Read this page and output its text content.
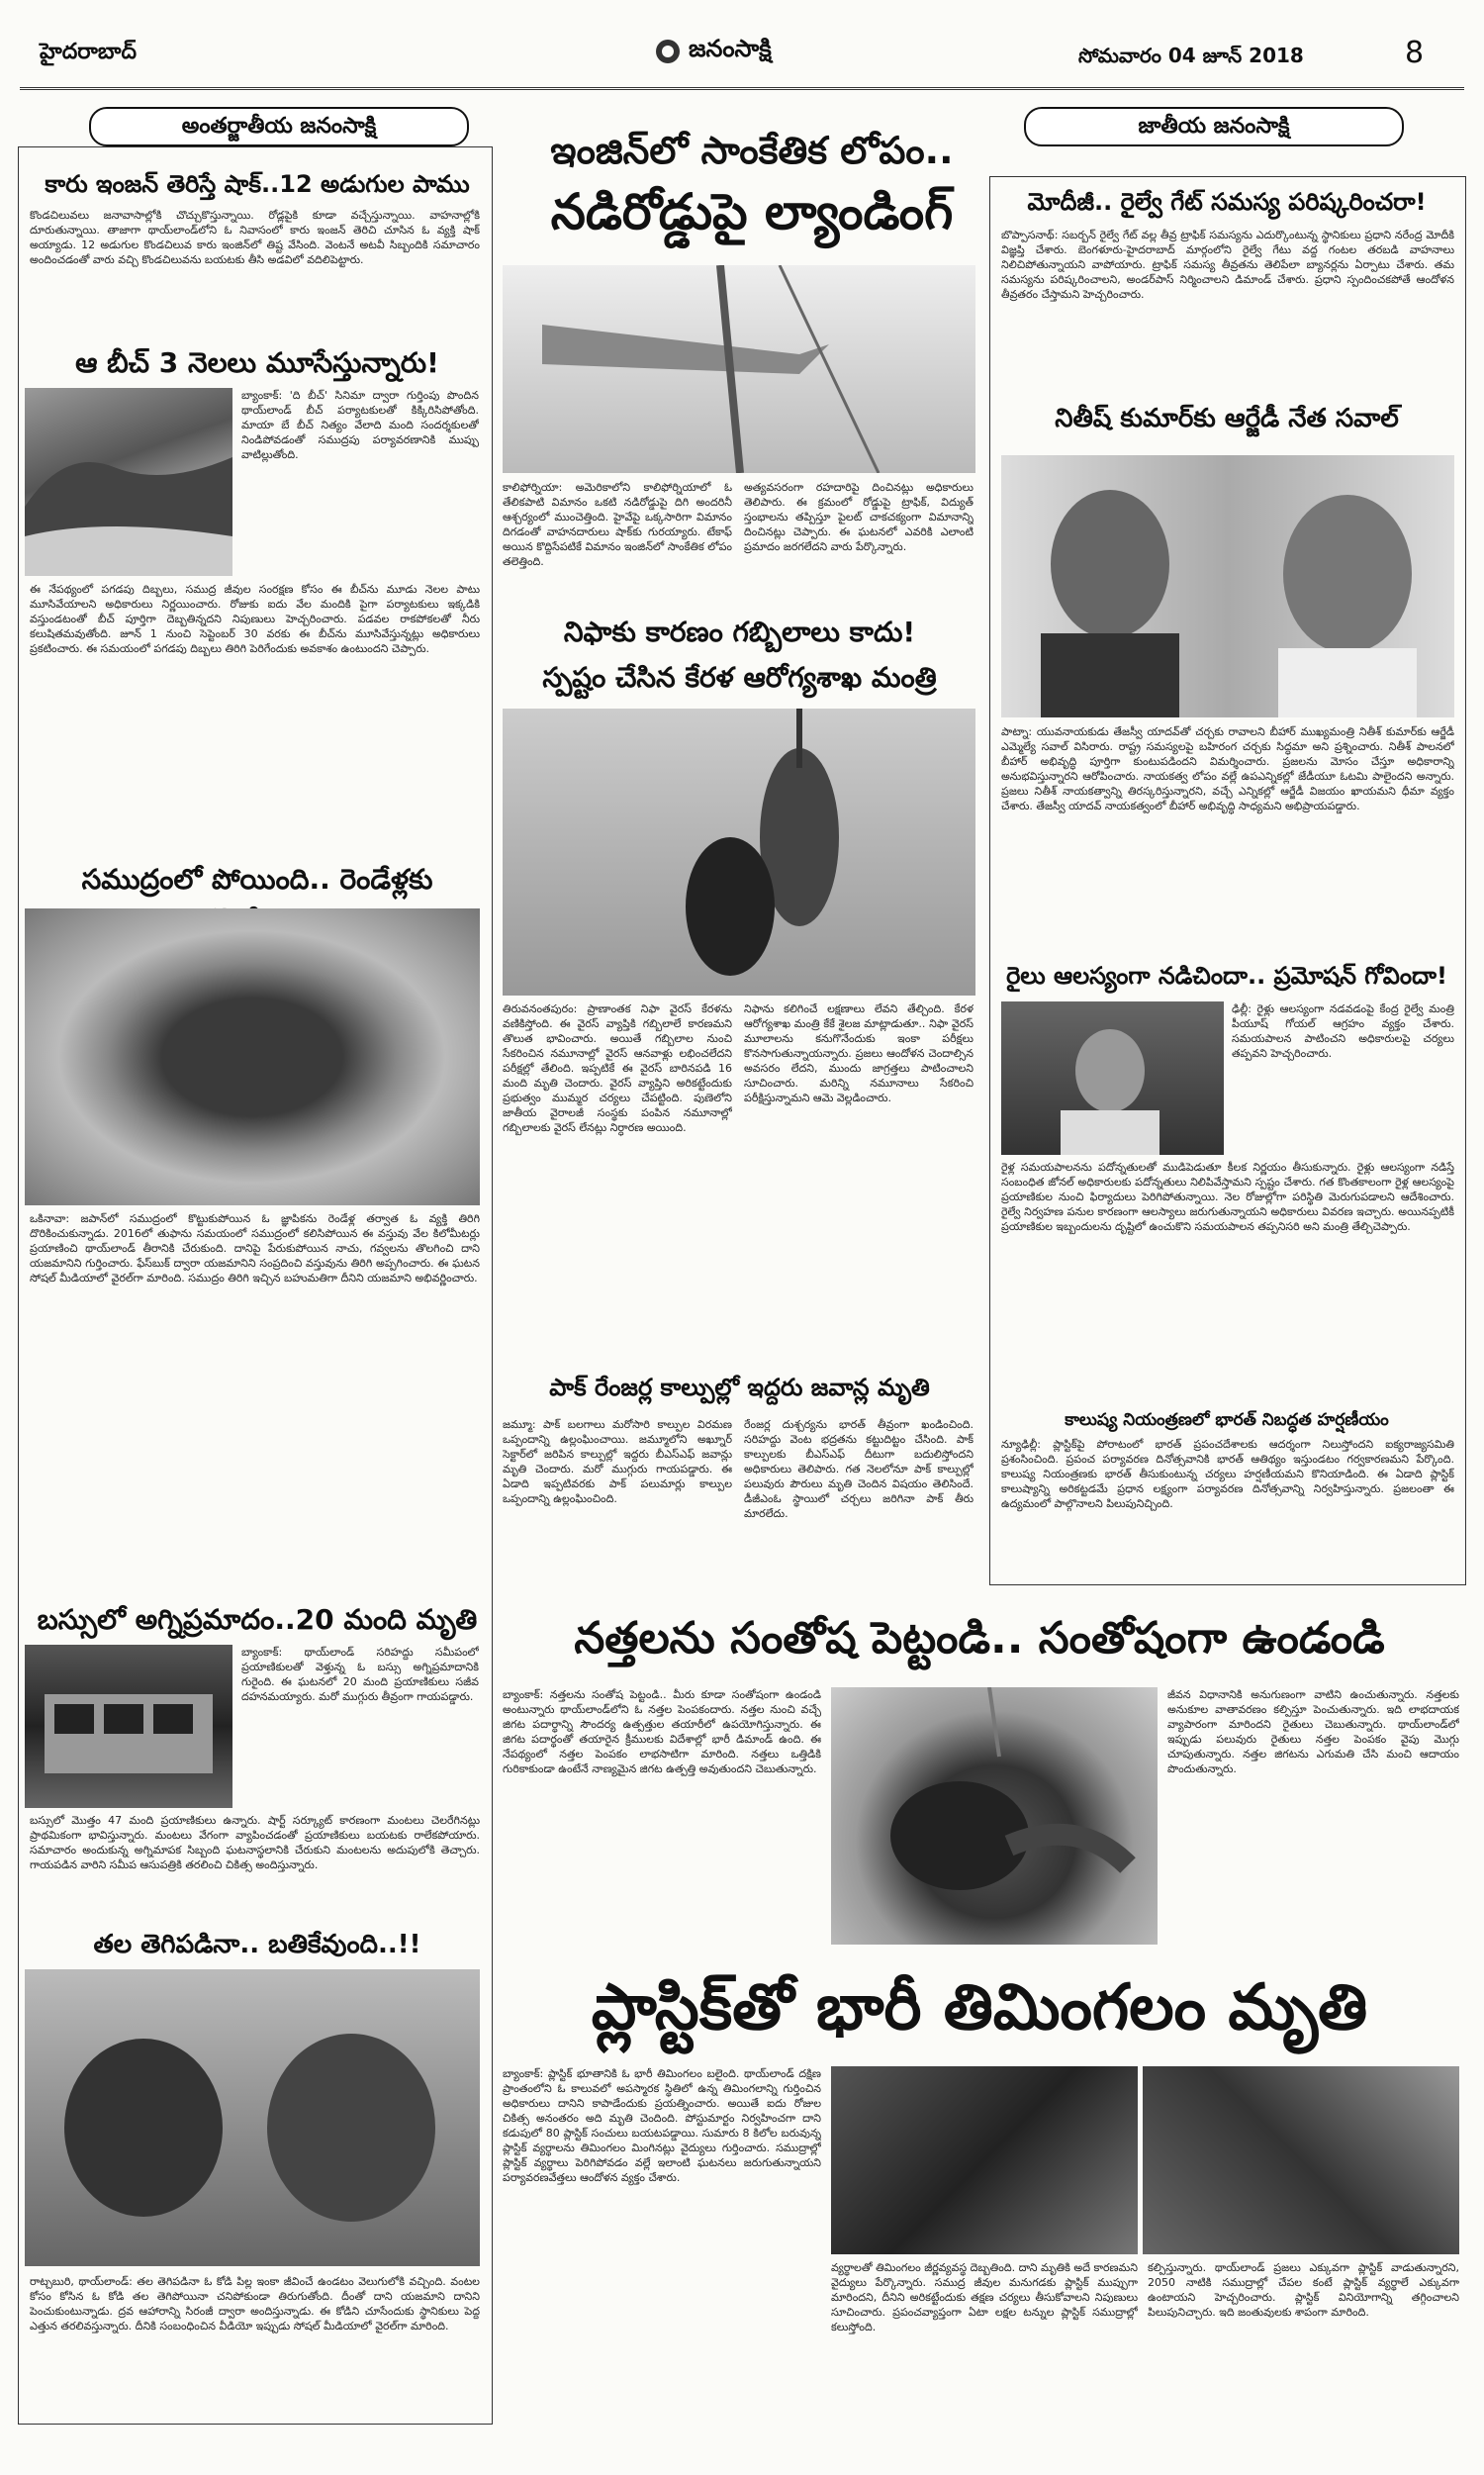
హైదరాబాద్	జనంసాక్షి	సోమవారం 04 జూన్ 2018	8
అంతర్జాతీయ జనంసాక్షి
కారు ఇంజన్ తెరిస్తే షాక్..12 అడుగుల పాము
కొండచిలువలు జనావాసాల్లోకి చొచ్చుకొస్తున్నాయి. రోడ్లపైకి కూడా వచ్చేస్తున్నాయి. వాహనాల్లోకి దూరుతున్నాయి. తాజాగా థాయ్‌లాండ్‌లోని ఓ నివాసంలో కారు ఇంజన్ తెరిచి చూసిన ఓ వ్యక్తి షాక్ అయ్యాడు. 12 అడుగుల కొండచిలువ కారు ఇంజిన్‌లో తిష్ట వేసింది. వెంటనే అటవీ సిబ్బందికి సమాచారం అందించడంతో వారు వచ్చి కొండచిలువను బయటకు తీసి అడవిలో వదిలిపెట్టారు.
ఆ బీచ్ 3 నెలలు మూసేస్తున్నారు!
బ్యాంకాక్: 'ది బీచ్' సినిమా ద్వారా గుర్తింపు పొందిన థాయ్‌లాండ్ బీచ్ పర్యాటకులతో కిక్కిరిసిపోతోంది. మాయా బే బీచ్ నిత్యం వేలాది మంది సందర్శకులతో నిండిపోవడంతో సముద్రపు పర్యావరణానికి ముప్పు వాటిల్లుతోంది.
ఈ నేపథ్యంలో పగడపు దిబ్బలు, సముద్ర జీవుల సంరక్షణ కోసం ఈ బీచ్‌ను మూడు నెలల పాటు మూసివేయాలని అధికారులు నిర్ణయించారు. రోజుకు ఐదు వేల మందికి పైగా పర్యాటకులు ఇక్కడికి వస్తుండటంతో బీచ్ పూర్తిగా దెబ్బతిన్నదని నిపుణులు హెచ్చరించారు. పడవల రాకపోకలతో నీరు కలుషితమవుతోంది. జూన్ 1 నుంచి సెప్టెంబర్ 30 వరకు ఈ బీచ్‌ను మూసివేస్తున్నట్లు అధికారులు ప్రకటించారు. ఈ సమయంలో పగడపు దిబ్బలు తిరిగి పెరిగేందుకు అవకాశం ఉంటుందని చెప్పారు.
సముద్రంలో పోయింది.. రెండేళ్లకు
ఒకినావా: జపాన్‌లో సముద్రంలో కొట్టుకుపోయిన ఓ జ్ఞాపికను రెండేళ్ల తర్వాత ఓ వ్యక్తి తిరిగి దొరికించుకున్నాడు. 2016లో తుఫాను సమయంలో సముద్రంలో కలిసిపోయిన ఈ వస్తువు వేల కిలోమీటర్లు ప్రయాణించి థాయ్‌లాండ్ తీరానికి చేరుకుంది. దానిపై పేరుకుపోయిన నాచు, గవ్వలను తొలగించి దాని యజమానిని గుర్తించారు. ఫేస్‌బుక్ ద్వారా యజమానిని సంప్రదించి వస్తువును తిరిగి అప్పగించారు. ఈ ఘటన సోషల్ మీడియాలో వైరల్‌గా మారింది. సముద్రం తిరిగి ఇచ్చిన బహుమతిగా దీనిని యజమాని అభివర్ణించారు.
బస్సులో అగ్నిప్రమాదం..20 మంది మృతి
బ్యాంకాక్: థాయ్‌లాండ్ సరిహద్దు సమీపంలో ప్రయాణికులతో వెళ్తున్న ఓ బస్సు అగ్నిప్రమాదానికి గురైంది. ఈ ఘటనలో 20 మంది ప్రయాణికులు సజీవ దహనమయ్యారు. మరో ముగ్గురు తీవ్రంగా గాయపడ్డారు.
బస్సులో మొత్తం 47 మంది ప్రయాణికులు ఉన్నారు. షార్ట్ సర్క్యూట్ కారణంగా మంటలు చెలరేగినట్లు ప్రాథమికంగా భావిస్తున్నారు. మంటలు వేగంగా వ్యాపించడంతో ప్రయాణికులు బయటకు రాలేకపోయారు. సమాచారం అందుకున్న అగ్నిమాపక సిబ్బంది ఘటనాస్థలానికి చేరుకుని మంటలను అదుపులోకి తెచ్చారు. గాయపడిన వారిని సమీప ఆసుపత్రికి తరలించి చికిత్స అందిస్తున్నారు.
తల తెగిపడినా.. బతికేవుంది..!!
రాట్చబురి, థాయ్‌లాండ్: తల తెగిపడినా ఓ కోడి పిల్ల ఇంకా జీవించే ఉండటం వెలుగులోకి వచ్చింది. వంటల కోసం కోసిన ఓ కోడి తల తెగిపోయినా చనిపోకుండా తిరుగుతోంది. దీంతో దాని యజమాని దానిని పెంచుకుంటున్నాడు. ద్రవ ఆహారాన్ని సిరంజీ ద్వారా అందిస్తున్నాడు. ఈ కోడిని చూసేందుకు స్థానికులు పెద్ద ఎత్తున తరలివస్తున్నారు. దీనికి సంబంధించిన వీడియో ఇప్పుడు సోషల్ మీడియాలో వైరల్‌గా మారింది.
ఇంజిన్‌లో సాంకేతిక లోపం..
నడిరోడ్డుపై ల్యాండింగ్
కాలిఫోర్నియా: అమెరికాలోని కాలిఫోర్నియాలో ఓ తేలికపాటి విమానం ఒకటి నడిరోడ్డుపై దిగి అందరినీ ఆశ్చర్యంలో ముంచెత్తింది. హైవేపై ఒక్కసారిగా విమానం దిగడంతో వాహనదారులు షాక్‌కు గురయ్యారు. టేకాఫ్ అయిన కొద్దిసేపటికే విమానం ఇంజిన్‌లో సాంకేతిక లోపం తలెత్తింది.
అత్యవసరంగా రహదారిపై దించినట్లు అధికారులు తెలిపారు. ఈ క్రమంలో రోడ్డుపై ట్రాఫిక్, విద్యుత్ స్తంభాలను తప్పిస్తూ పైలట్ చాకచక్యంగా విమానాన్ని దించినట్లు చెప్పారు. ఈ ఘటనలో ఎవరికి ఎలాంటి ప్రమాదం జరగలేదని వారు పేర్కొన్నారు.
నిఫాకు కారణం గబ్బిలాలు కాదు!
స్పష్టం చేసిన కేరళ ఆరోగ్యశాఖ మంత్రి
తిరువనంతపురం: ప్రాణాంతక నిఫా వైరస్ కేరళను వణికిస్తోంది. ఈ వైరస్ వ్యాప్తికి గబ్బిలాలే కారణమని తొలుత భావించారు. అయితే గబ్బిలాల నుంచి సేకరించిన నమూనాల్లో వైరస్ ఆనవాళ్లు లభించలేదని పరీక్షల్లో తేలింది. ఇప్పటికే ఈ వైరస్ బారినపడి 16 మంది మృతి చెందారు. వైరస్ వ్యాప్తిని అరికట్టేందుకు ప్రభుత్వం ముమ్మర చర్యలు చేపట్టింది. పుణెలోని జాతీయ వైరాలజీ సంస్థకు పంపిన నమూనాల్లో గబ్బిలాలకు వైరస్ లేనట్లు నిర్ధారణ అయింది.
నిఫాను కలిగించే లక్షణాలు లేవని తేల్చింది. కేరళ ఆరోగ్యశాఖ మంత్రి కేకే శైలజ మాట్లాడుతూ.. నిఫా వైరస్ మూలాలను కనుగొనేందుకు ఇంకా పరీక్షలు కొనసాగుతున్నాయన్నారు. ప్రజలు ఆందోళన చెందాల్సిన అవసరం లేదని, ముందు జాగ్రత్తలు పాటించాలని సూచించారు. మరిన్ని నమూనాలు సేకరించి పరీక్షిస్తున్నామని ఆమె వెల్లడించారు.
పాక్ రేంజర్ల కాల్పుల్లో ఇద్దరు జవాన్ల మృతి
జమ్మూ: పాక్ బలగాలు మరోసారి కాల్పుల విరమణ ఒప్పందాన్ని ఉల్లంఘించాయి. జమ్మూలోని అఖ్నూర్ సెక్టార్‌లో జరిపిన కాల్పుల్లో ఇద్దరు బీఎస్ఎఫ్ జవాన్లు మృతి చెందారు. మరో ముగ్గురు గాయపడ్డారు. ఈ ఏడాది ఇప్పటివరకు పాక్ పలుమార్లు కాల్పుల ఒప్పందాన్ని ఉల్లంఘించింది.
రేంజర్ల దుశ్చర్యను భారత్ తీవ్రంగా ఖండించింది. సరిహద్దు వెంట భద్రతను కట్టుదిట్టం చేసింది. పాక్ కాల్పులకు బీఎస్ఎఫ్ దీటుగా బదులిస్తోందని అధికారులు తెలిపారు. గత నెలలోనూ పాక్ కాల్పుల్లో పలువురు పౌరులు మృతి చెందిన విషయం తెలిసిందే. డీజీఎంఓ స్థాయిలో చర్చలు జరిగినా పాక్ తీరు మారలేదు.
నత్తలను సంతోష పెట్టండి.. సంతోషంగా ఉండండి
బ్యాంకాక్: నత్తలను సంతోష పెట్టండి.. మీరు కూడా సంతోషంగా ఉండండి అంటున్నారు థాయ్‌లాండ్‌లోని ఓ నత్తల పెంపకందారు. నత్తల నుంచి వచ్చే జిగట పదార్థాన్ని సౌందర్య ఉత్పత్తుల తయారీలో ఉపయోగిస్తున్నారు. ఈ జిగట పదార్థంతో తయారైన క్రీములకు విదేశాల్లో భారీ డిమాండ్ ఉంది. ఈ నేపథ్యంలో నత్తల పెంపకం లాభసాటిగా మారింది. నత్తలు ఒత్తిడికి గురికాకుండా ఉంటేనే నాణ్యమైన జిగట ఉత్పత్తి అవుతుందని చెబుతున్నారు.
జీవన విధానానికి అనుగుణంగా వాటిని ఉంచుతున్నారు. నత్తలకు అనుకూల వాతావరణం కల్పిస్తూ పెంచుతున్నారు. ఇది లాభదాయక వ్యాపారంగా మారిందని రైతులు చెబుతున్నారు. థాయ్‌లాండ్‌లో ఇప్పుడు పలువురు రైతులు నత్తల పెంపకం వైపు మొగ్గు చూపుతున్నారు. నత్తల జిగటను ఎగుమతి చేసి మంచి ఆదాయం పొందుతున్నారు.
ప్లాస్టిక్‌తో భారీ తిమింగలం మృతి
బ్యాంకాక్: ప్లాస్టిక్ భూతానికి ఓ భారీ తిమింగలం బలైంది. థాయ్‌లాండ్ దక్షిణ ప్రాంతంలోని ఓ కాలువలో అపస్మారక స్థితిలో ఉన్న తిమింగలాన్ని గుర్తించిన అధికారులు దానిని కాపాడేందుకు ప్రయత్నించారు. అయితే ఐదు రోజుల చికిత్స అనంతరం అది మృతి చెందింది. పోస్టుమార్టం నిర్వహించగా దాని కడుపులో 80 ప్లాస్టిక్ సంచులు బయటపడ్డాయి. సుమారు 8 కిలోల బరువున్న ప్లాస్టిక్ వ్యర్థాలను తిమింగలం మింగినట్లు వైద్యులు గుర్తించారు. సముద్రాల్లో ప్లాస్టిక్ వ్యర్థాలు పెరిగిపోవడం వల్లే ఇలాంటి ఘటనలు జరుగుతున్నాయని పర్యావరణవేత్తలు ఆందోళన వ్యక్తం చేశారు.
వ్యర్థాలతో తిమింగలం జీర్ణవ్యవస్థ దెబ్బతింది. దాని మృతికి అదే కారణమని వైద్యులు పేర్కొన్నారు. సముద్ర జీవుల మనుగడకు ప్లాస్టిక్ ముప్పుగా మారిందని, దీనిని అరికట్టేందుకు తక్షణ చర్యలు తీసుకోవాలని నిపుణులు సూచించారు. ప్రపంచవ్యాప్తంగా ఏటా లక్షల టన్నుల ప్లాస్టిక్ సముద్రాల్లో కలుస్తోంది.
కల్పిస్తున్నారు. థాయ్‌లాండ్ ప్రజలు ఎక్కువగా ప్లాస్టిక్ వాడుతున్నారని, 2050 నాటికి సముద్రాల్లో చేపల కంటే ప్లాస్టిక్ వ్యర్థాలే ఎక్కువగా ఉంటాయని హెచ్చరించారు. ప్లాస్టిక్ వినియోగాన్ని తగ్గించాలని పిలుపునిచ్చారు. ఇది జంతువులకు శాపంగా మారింది.
జాతీయ జనంసాక్షి
మోదీజీ.. రైల్వే గేట్ సమస్య పరిష్కరించరా!
బొప్పాసనాథ్: సబర్బన్ రైల్వే గేట్ వల్ల తీవ్ర ట్రాఫిక్ సమస్యను ఎదుర్కొంటున్న స్థానికులు ప్రధాని నరేంద్ర మోదీకి విజ్ఞప్తి చేశారు. బెంగళూరు-హైదరాబాద్ మార్గంలోని రైల్వే గేటు వద్ద గంటల తరబడి వాహనాలు నిలిచిపోతున్నాయని వాపోయారు. ట్రాఫిక్ సమస్య తీవ్రతను తెలిపేలా బ్యానర్లను ఏర్పాటు చేశారు. తమ సమస్యను పరిష్కరించాలని, అండర్‌పాస్ నిర్మించాలని డిమాండ్ చేశారు. ప్రధాని స్పందించకపోతే ఆందోళన తీవ్రతరం చేస్తామని హెచ్చరించారు.
నితీష్ కుమార్‌కు ఆర్జేడీ నేత సవాల్
పాట్నా: యువనాయకుడు తేజస్వీ యాదవ్‌తో చర్చకు రావాలని బీహార్ ముఖ్యమంత్రి నితీశ్ కుమార్‌కు ఆర్జేడీ ఎమ్మెల్యే సవాల్ విసిరారు. రాష్ట్ర సమస్యలపై బహిరంగ చర్చకు సిద్ధమా అని ప్రశ్నించారు. నితీశ్ పాలనలో బీహార్ అభివృద్ధి పూర్తిగా కుంటుపడిందని విమర్శించారు. ప్రజలను మోసం చేస్తూ అధికారాన్ని అనుభవిస్తున్నారని ఆరోపించారు. నాయకత్వ లోపం వల్లే ఉపఎన్నికల్లో జేడీయూ ఓటమి పాలైందని అన్నారు. ప్రజలు నితీశ్ నాయకత్వాన్ని తిరస్కరిస్తున్నారని, వచ్చే ఎన్నికల్లో ఆర్జేడీ విజయం ఖాయమని ధీమా వ్యక్తం చేశారు. తేజస్వీ యాదవ్ నాయకత్వంలో బీహార్ అభివృద్ధి సాధ్యమని అభిప్రాయపడ్డారు.
రైలు ఆలస్యంగా నడిచిందా.. ప్రమోషన్ గోవిందా!
ఢిల్లీ: రైళ్లు ఆలస్యంగా నడవడంపై కేంద్ర రైల్వే మంత్రి పీయూష్ గోయల్ ఆగ్రహం వ్యక్తం చేశారు. సమయపాలన పాటించని అధికారులపై చర్యలు తప్పవని హెచ్చరించారు.
రైళ్ల సమయపాలనను పదోన్నతులతో ముడిపెడుతూ కీలక నిర్ణయం తీసుకున్నారు. రైళ్లు ఆలస్యంగా నడిస్తే సంబంధిత జోనల్ అధికారులకు పదోన్నతులు నిలిపివేస్తామని స్పష్టం చేశారు. గత కొంతకాలంగా రైళ్ల ఆలస్యంపై ప్రయాణికుల నుంచి ఫిర్యాదులు పెరిగిపోతున్నాయి. నెల రోజుల్లోగా పరిస్థితి మెరుగుపడాలని ఆదేశించారు. రైల్వే నిర్వహణ పనుల కారణంగా ఆలస్యాలు జరుగుతున్నాయని అధికారులు వివరణ ఇచ్చారు. అయినప్పటికీ ప్రయాణికుల ఇబ్బందులను దృష్టిలో ఉంచుకొని సమయపాలన తప్పనిసరి అని మంత్రి తేల్చిచెప్పారు.
కాలుష్య నియంత్రణలో భారత్ నిబద్ధత హర్షణీయం
న్యూఢిల్లీ: ప్లాస్టిక్‌పై పోరాటంలో భారత్ ప్రపంచదేశాలకు ఆదర్శంగా నిలుస్తోందని ఐక్యరాజ్యసమితి ప్రశంసించింది. ప్రపంచ పర్యావరణ దినోత్సవానికి భారత్ ఆతిథ్యం ఇస్తుండటం గర్వకారణమని పేర్కొంది. కాలుష్య నియంత్రణకు భారత్ తీసుకుంటున్న చర్యలు హర్షణీయమని కొనియాడింది. ఈ ఏడాది ప్లాస్టిక్ కాలుష్యాన్ని అరికట్టడమే ప్రధాన లక్ష్యంగా పర్యావరణ దినోత్సవాన్ని నిర్వహిస్తున్నారు. ప్రజలంతా ఈ ఉద్యమంలో పాల్గొనాలని పిలుపునిచ్చింది.
